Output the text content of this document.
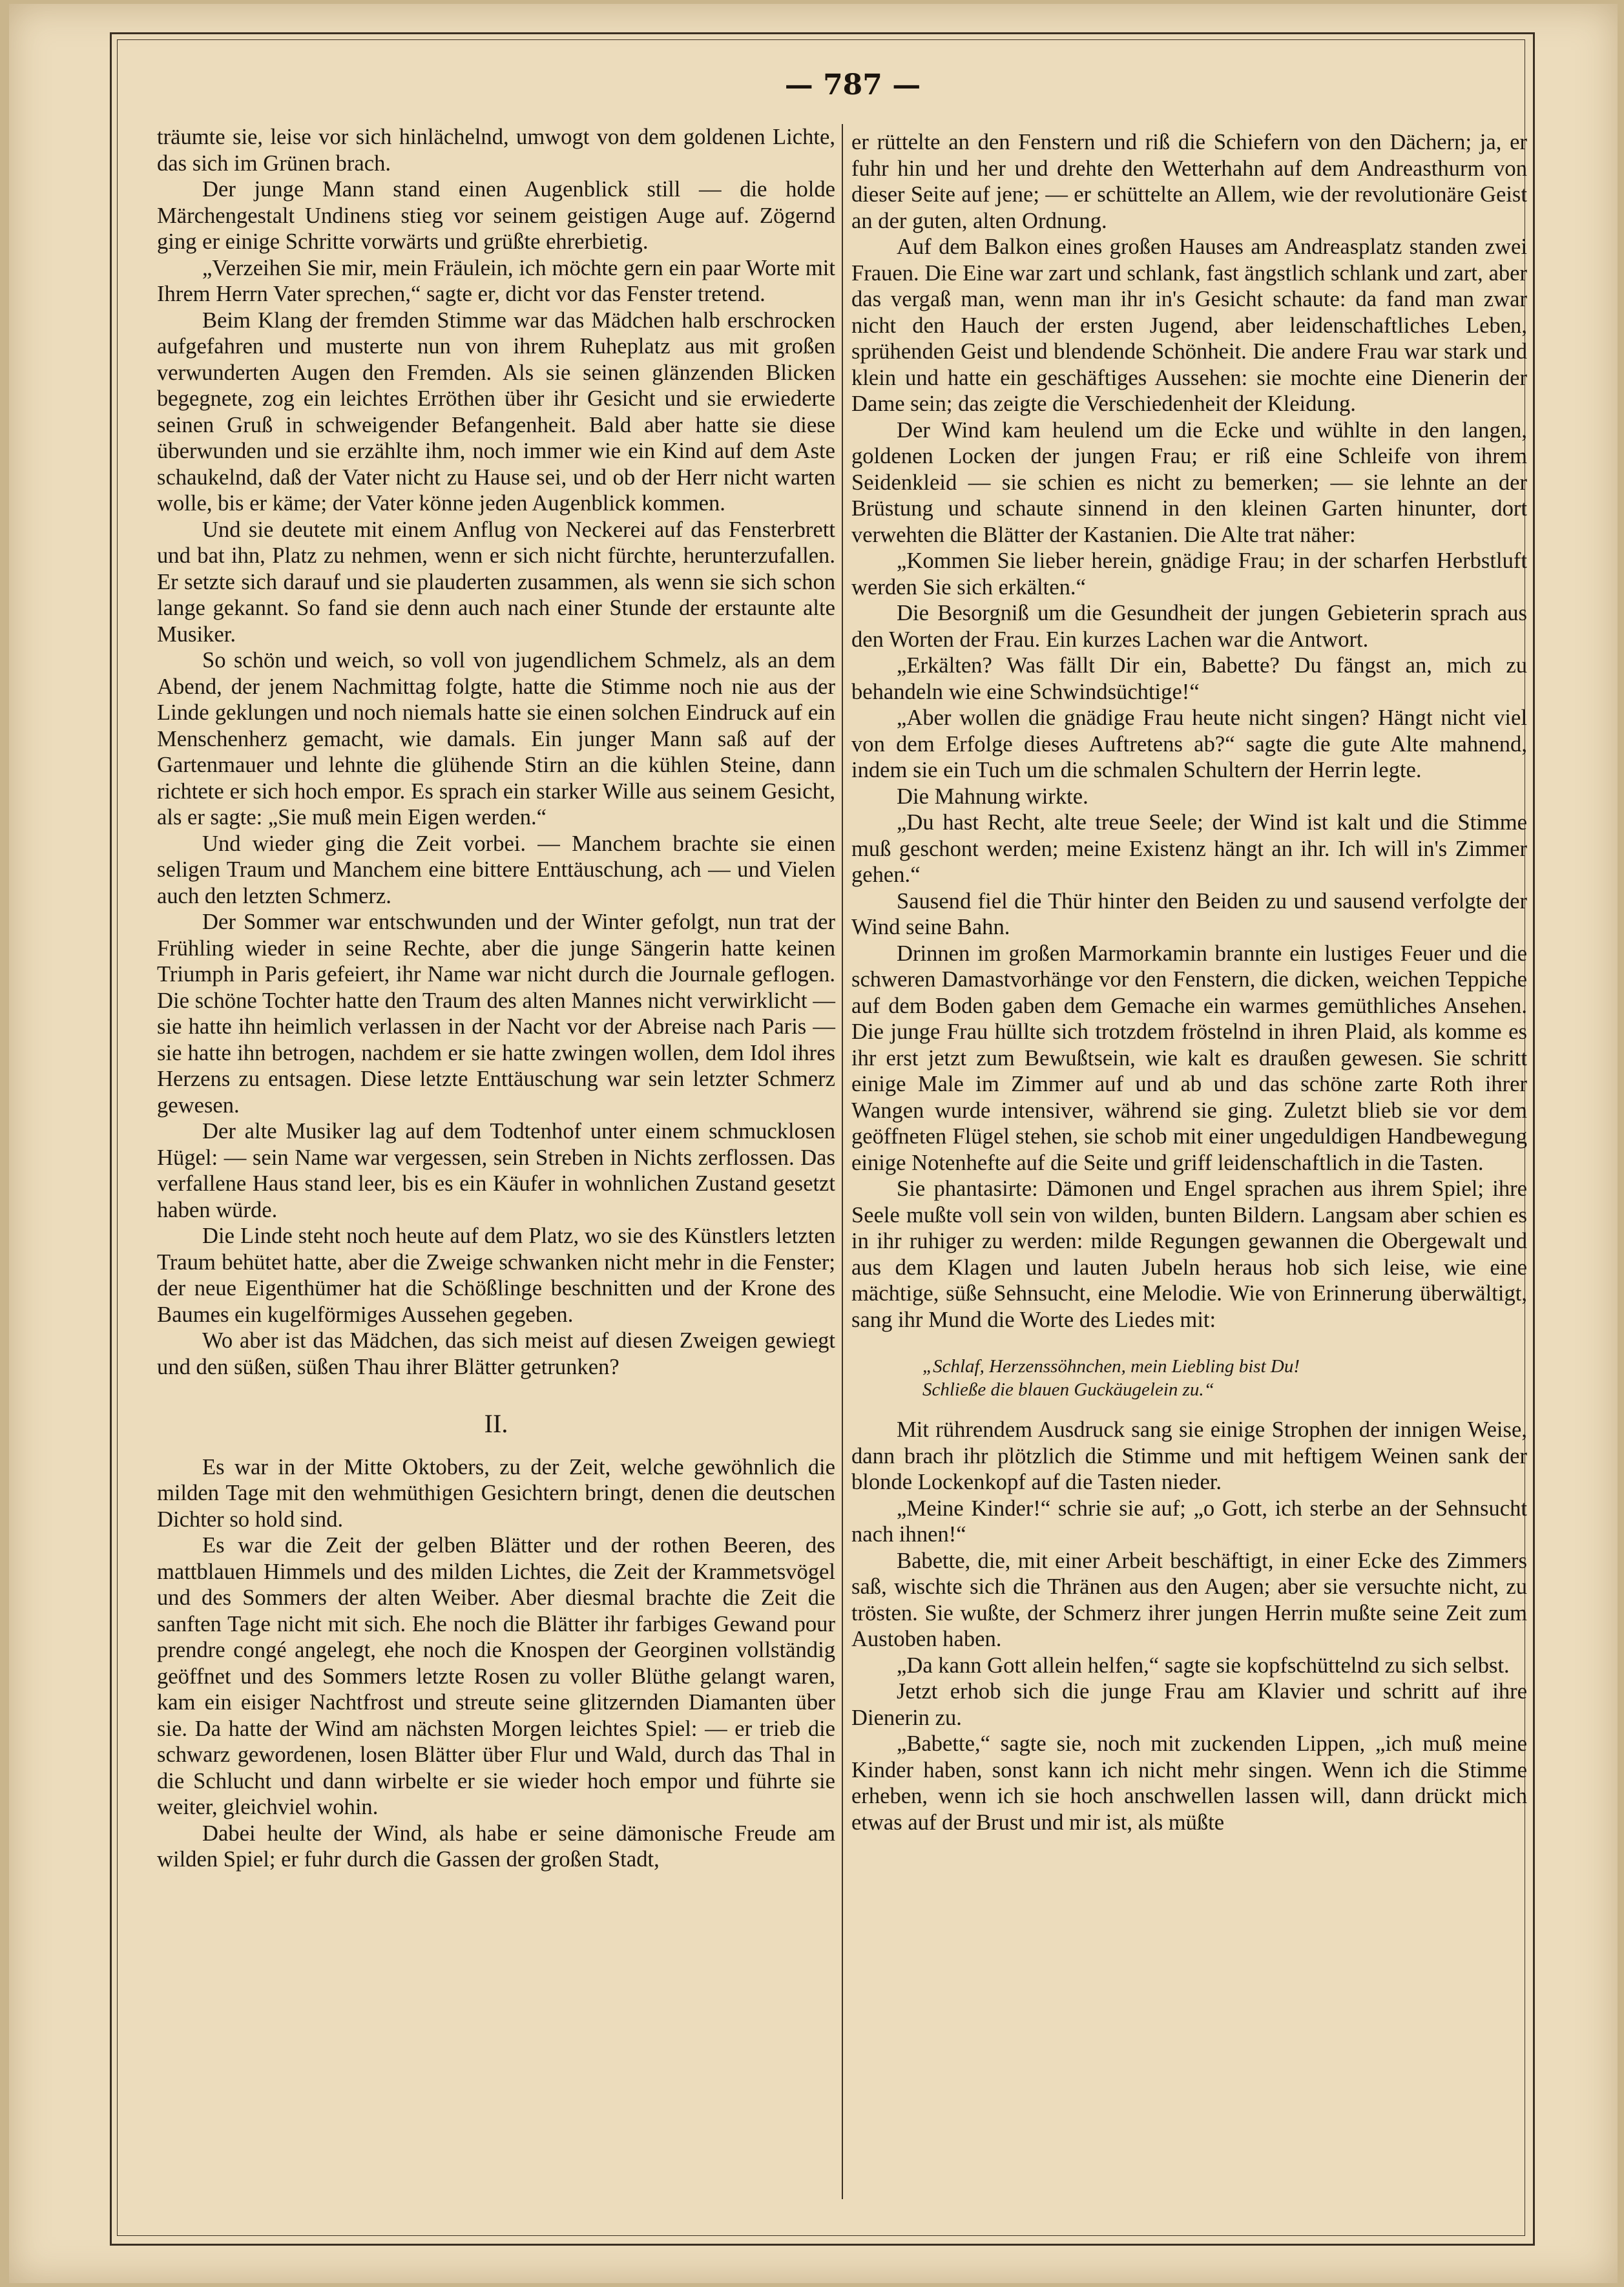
— 787 —

träumte sie, leise vor sich hinlächelnd, umwogt von dem goldenen Lichte, das sich im Grünen brach.

Der junge Mann stand einen Augenblick still — die holde Märchengestalt Undinens stieg vor seinem geistigen Auge auf. Zögernd ging er einige Schritte vorwärts und grüßte ehrerbietig.

„Verzeihen Sie mir, mein Fräulein, ich möchte gern ein paar Worte mit Ihrem Herrn Vater sprechen,“ sagte er, dicht vor das Fenster tretend.

Beim Klang der fremden Stimme war das Mädchen halb erschrocken aufgefahren und musterte nun von ihrem Ruheplatz aus mit großen verwunderten Augen den Fremden. Als sie seinen glänzenden Blicken begegnete, zog ein leichtes Erröthen über ihr Gesicht und sie erwiederte seinen Gruß in schweigender Befangenheit. Bald aber hatte sie diese überwunden und sie erzählte ihm, noch immer wie ein Kind auf dem Aste schaukelnd, daß der Vater nicht zu Hause sei, und ob der Herr nicht warten wolle, bis er käme; der Vater könne jeden Augenblick kommen.

Und sie deutete mit einem Anflug von Neckerei auf das Fensterbrett und bat ihn, Platz zu nehmen, wenn er sich nicht fürchte, herunterzufallen. Er setzte sich darauf und sie plauderten zusammen, als wenn sie sich schon lange gekannt. So fand sie denn auch nach einer Stunde der erstaunte alte Musiker.

So schön und weich, so voll von jugendlichem Schmelz, als an dem Abend, der jenem Nachmittag folgte, hatte die Stimme noch nie aus der Linde geklungen und noch niemals hatte sie einen solchen Eindruck auf ein Menschenherz gemacht, wie damals. Ein junger Mann saß auf der Gartenmauer und lehnte die glühende Stirn an die kühlen Steine, dann richtete er sich hoch empor. Es sprach ein starker Wille aus seinem Gesicht, als er sagte: „Sie muß mein Eigen werden.“

Und wieder ging die Zeit vorbei. — Manchem brachte sie einen seligen Traum und Manchem eine bittere Enttäuschung, ach — und Vielen auch den letzten Schmerz.

Der Sommer war entschwunden und der Winter gefolgt, nun trat der Frühling wieder in seine Rechte, aber die junge Sängerin hatte keinen Triumph in Paris gefeiert, ihr Name war nicht durch die Journale geflogen. Die schöne Tochter hatte den Traum des alten Mannes nicht verwirklicht — sie hatte ihn heimlich verlassen in der Nacht vor der Abreise nach Paris — sie hatte ihn betrogen, nachdem er sie hatte zwingen wollen, dem Idol ihres Herzens zu entsagen. Diese letzte Enttäuschung war sein letzter Schmerz gewesen.

Der alte Musiker lag auf dem Todtenhof unter einem schmucklosen Hügel: — sein Name war vergessen, sein Streben in Nichts zerflossen. Das verfallene Haus stand leer, bis es ein Käufer in wohnlichen Zustand gesetzt haben würde.

Die Linde steht noch heute auf dem Platz, wo sie des Künstlers letzten Traum behütet hatte, aber die Zweige schwanken nicht mehr in die Fenster; der neue Eigenthümer hat die Schößlinge beschnitten und der Krone des Baumes ein kugelförmiges Aussehen gegeben.

Wo aber ist das Mädchen, das sich meist auf diesen Zweigen gewiegt und den süßen, süßen Thau ihrer Blätter getrunken?

II.

Es war in der Mitte Oktobers, zu der Zeit, welche gewöhnlich die milden Tage mit den wehmüthigen Gesichtern bringt, denen die deutschen Dichter so hold sind.

Es war die Zeit der gelben Blätter und der rothen Beeren, des mattblauen Himmels und des milden Lichtes, die Zeit der Krammetsvögel und des Sommers der alten Weiber. Aber diesmal brachte die Zeit die sanften Tage nicht mit sich. Ehe noch die Blätter ihr farbiges Gewand pour prendre congé angelegt, ehe noch die Knospen der Georginen vollständig geöffnet und des Sommers letzte Rosen zu voller Blüthe gelangt waren, kam ein eisiger Nachtfrost und streute seine glitzernden Diamanten über sie. Da hatte der Wind am nächsten Morgen leichtes Spiel: — er trieb die schwarz gewordenen, losen Blätter über Flur und Wald, durch das Thal in die Schlucht und dann wirbelte er sie wieder hoch empor und führte sie weiter, gleichviel wohin.

Dabei heulte der Wind, als habe er seine dämonische Freude am wilden Spiel; er fuhr durch die Gassen der großen Stadt,

er rüttelte an den Fenstern und riß die Schiefern von den Dächern; ja, er fuhr hin und her und drehte den Wetterhahn auf dem Andreasthurm von dieser Seite auf jene; — er schüttelte an Allem, wie der revolutionäre Geist an der guten, alten Ordnung.

Auf dem Balkon eines großen Hauses am Andreasplatz standen zwei Frauen. Die Eine war zart und schlank, fast ängstlich schlank und zart, aber das vergaß man, wenn man ihr in's Gesicht schaute: da fand man zwar nicht den Hauch der ersten Jugend, aber leidenschaftliches Leben, sprühenden Geist und blendende Schönheit. Die andere Frau war stark und klein und hatte ein geschäftiges Aussehen: sie mochte eine Dienerin der Dame sein; das zeigte die Verschiedenheit der Kleidung.

Der Wind kam heulend um die Ecke und wühlte in den langen, goldenen Locken der jungen Frau; er riß eine Schleife von ihrem Seidenkleid — sie schien es nicht zu bemerken; — sie lehnte an der Brüstung und schaute sinnend in den kleinen Garten hinunter, dort verwehten die Blätter der Kastanien. Die Alte trat näher:

„Kommen Sie lieber herein, gnädige Frau; in der scharfen Herbstluft werden Sie sich erkälten.“

Die Besorgniß um die Gesundheit der jungen Gebieterin sprach aus den Worten der Frau. Ein kurzes Lachen war die Antwort.

„Erkälten? Was fällt Dir ein, Babette? Du fängst an, mich zu behandeln wie eine Schwindsüchtige!“

„Aber wollen die gnädige Frau heute nicht singen? Hängt nicht viel von dem Erfolge dieses Auftretens ab?“ sagte die gute Alte mahnend, indem sie ein Tuch um die schmalen Schultern der Herrin legte.

Die Mahnung wirkte.

„Du hast Recht, alte treue Seele; der Wind ist kalt und die Stimme muß geschont werden; meine Existenz hängt an ihr. Ich will in's Zimmer gehen.“

Sausend fiel die Thür hinter den Beiden zu und sausend verfolgte der Wind seine Bahn.

Drinnen im großen Marmorkamin brannte ein lustiges Feuer und die schweren Damastvorhänge vor den Fenstern, die dicken, weichen Teppiche auf dem Boden gaben dem Gemache ein warmes gemüthliches Ansehen. Die junge Frau hüllte sich trotzdem fröstelnd in ihren Plaid, als komme es ihr erst jetzt zum Bewußtsein, wie kalt es draußen gewesen. Sie schritt einige Male im Zimmer auf und ab und das schöne zarte Roth ihrer Wangen wurde intensiver, während sie ging. Zuletzt blieb sie vor dem geöffneten Flügel stehen, sie schob mit einer ungeduldigen Handbewegung einige Notenhefte auf die Seite und griff leidenschaftlich in die Tasten.

Sie phantasirte: Dämonen und Engel sprachen aus ihrem Spiel; ihre Seele mußte voll sein von wilden, bunten Bildern. Langsam aber schien es in ihr ruhiger zu werden: milde Regungen gewannen die Obergewalt und aus dem Klagen und lauten Jubeln heraus hob sich leise, wie eine mächtige, süße Sehnsucht, eine Melodie. Wie von Erinnerung überwältigt, sang ihr Mund die Worte des Liedes mit:

„Schlaf, Herzenssöhnchen, mein Liebling bist Du!
Schließe die blauen Guckäugelein zu.“

Mit rührendem Ausdruck sang sie einige Strophen der innigen Weise, dann brach ihr plötzlich die Stimme und mit heftigem Weinen sank der blonde Lockenkopf auf die Tasten nieder.

„Meine Kinder!“ schrie sie auf; „o Gott, ich sterbe an der Sehnsucht nach ihnen!“

Babette, die, mit einer Arbeit beschäftigt, in einer Ecke des Zimmers saß, wischte sich die Thränen aus den Augen; aber sie versuchte nicht, zu trösten. Sie wußte, der Schmerz ihrer jungen Herrin mußte seine Zeit zum Austoben haben.

„Da kann Gott allein helfen,“ sagte sie kopfschüttelnd zu sich selbst.

Jetzt erhob sich die junge Frau am Klavier und schritt auf ihre Dienerin zu.

„Babette,“ sagte sie, noch mit zuckenden Lippen, „ich muß meine Kinder haben, sonst kann ich nicht mehr singen. Wenn ich die Stimme erheben, wenn ich sie hoch anschwellen lassen will, dann drückt mich etwas auf der Brust und mir ist, als müßte
